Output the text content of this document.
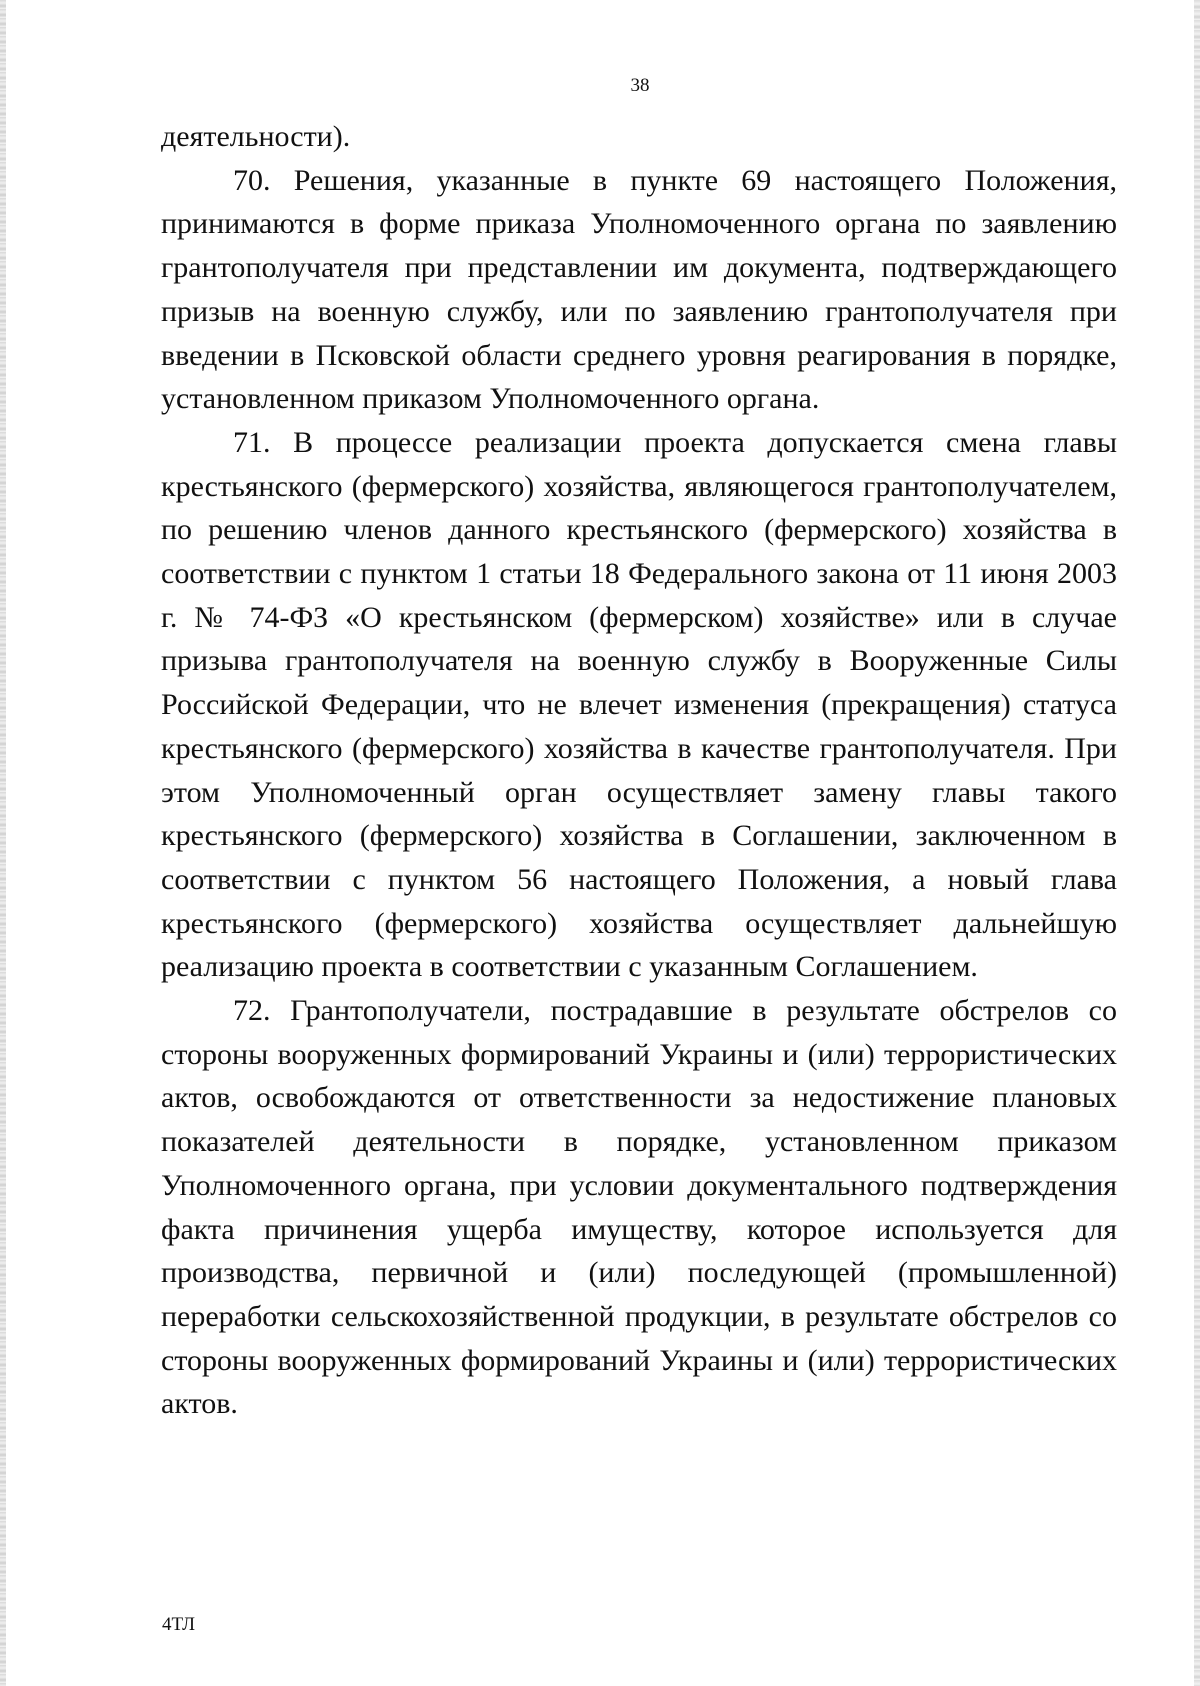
38

деятельности).

70. Решения, указанные в пункте 69 настоящего Положения, принимаются в форме приказа Уполномоченного органа по заявлению грантополучателя при представлении им документа, подтверждающего призыв на военную службу, или по заявлению грантополучателя при введении в Псковской области среднего уровня реагирования в порядке, установленном приказом Уполномоченного органа.

71. В процессе реализации проекта допускается смена главы крестьянского (фермерского) хозяйства, являющегося грантополучателем, по решению членов данного крестьянского (фермерского) хозяйства в соответствии с пунктом 1 статьи 18 Федерального закона от 11 июня 2003 г. № 74-ФЗ «О крестьянском (фермерском) хозяйстве» или в случае призыва грантополучателя на военную службу в Вооруженные Силы Российской Федерации, что не влечет изменения (прекращения) статуса крестьянского (фермерского) хозяйства в качестве грантополучателя. При этом Уполномоченный орган осуществляет замену главы такого крестьянского (фермерского) хозяйства в Соглашении, заключенном в соответствии с пунктом 56 настоящего Положения, а новый глава крестьянского (фермерского) хозяйства осуществляет дальнейшую реализацию проекта в соответствии с указанным Соглашением.

72. Грантополучатели, пострадавшие в результате обстрелов со стороны вооруженных формирований Украины и (или) террористических актов, освобождаются от ответственности за недостижение плановых показателей деятельности в порядке, установленном приказом Уполномоченного органа, при условии документального подтверждения факта причинения ущерба имуществу, которое используется для производства, первичной и (или) последующей (промышленной) переработки сельскохозяйственной продукции, в результате обстрелов со стороны вооруженных формирований Украины и (или) террористических актов.

4ТЛ
